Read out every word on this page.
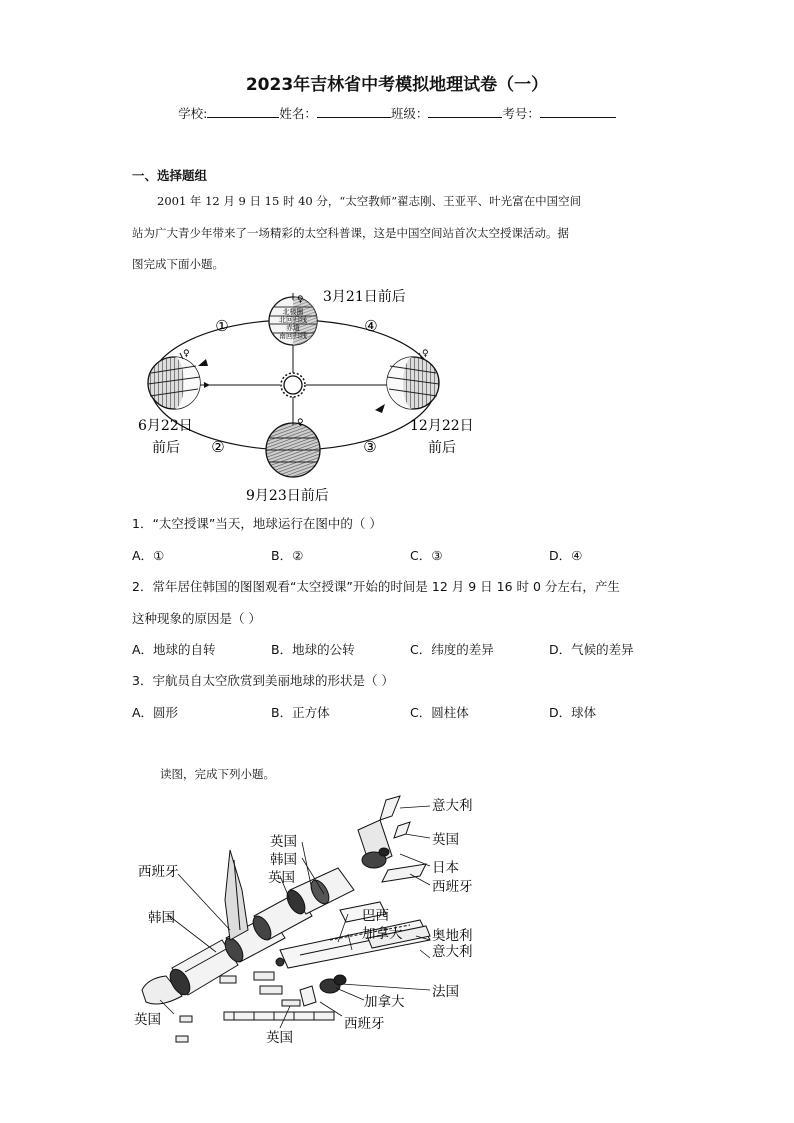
2023年吉林省中考模拟地理试卷（一）
学校:	姓名：	班级：	考号：
一、选择题组
2001 年 12 月 9 日 15 时 40 分，“太空教师”翟志刚、王亚平、叶光富在中国空间
站为广大青少年带来了一场精彩的太空科普课，这是中国空间站首次太空授课活动。据
图完成下面小题。
北极圈
北回归线
赤道
南回归线
♀
♀	♀
♀
①	④
②	③
3月21日前后
6月22日
前后
12月22日
前后
9月23日前后
1．“太空授课”当天，地球运行在图中的（ ）
A．①	B．②	C．③	D．④
2．常年居住韩国的图图观看“太空授课”开始的时间是 12 月 9 日 16 时 0 分左右，产生
这种现象的原因是（ ）
A．地球的自转	B．地球的公转	C．纬度的差异	D．气候的差异
3．宇航员自太空欣赏到美丽地球的形状是（ ）
A．圆形	B．正方体	C．圆柱体	D．球体
读图，完成下列小题。
意大利
英国
日本
西班牙
英国
韩国
英国
西班牙
韩国	巴西
加拿大 奥地利
意大利
法国
加拿大
西班牙
英国
英国
